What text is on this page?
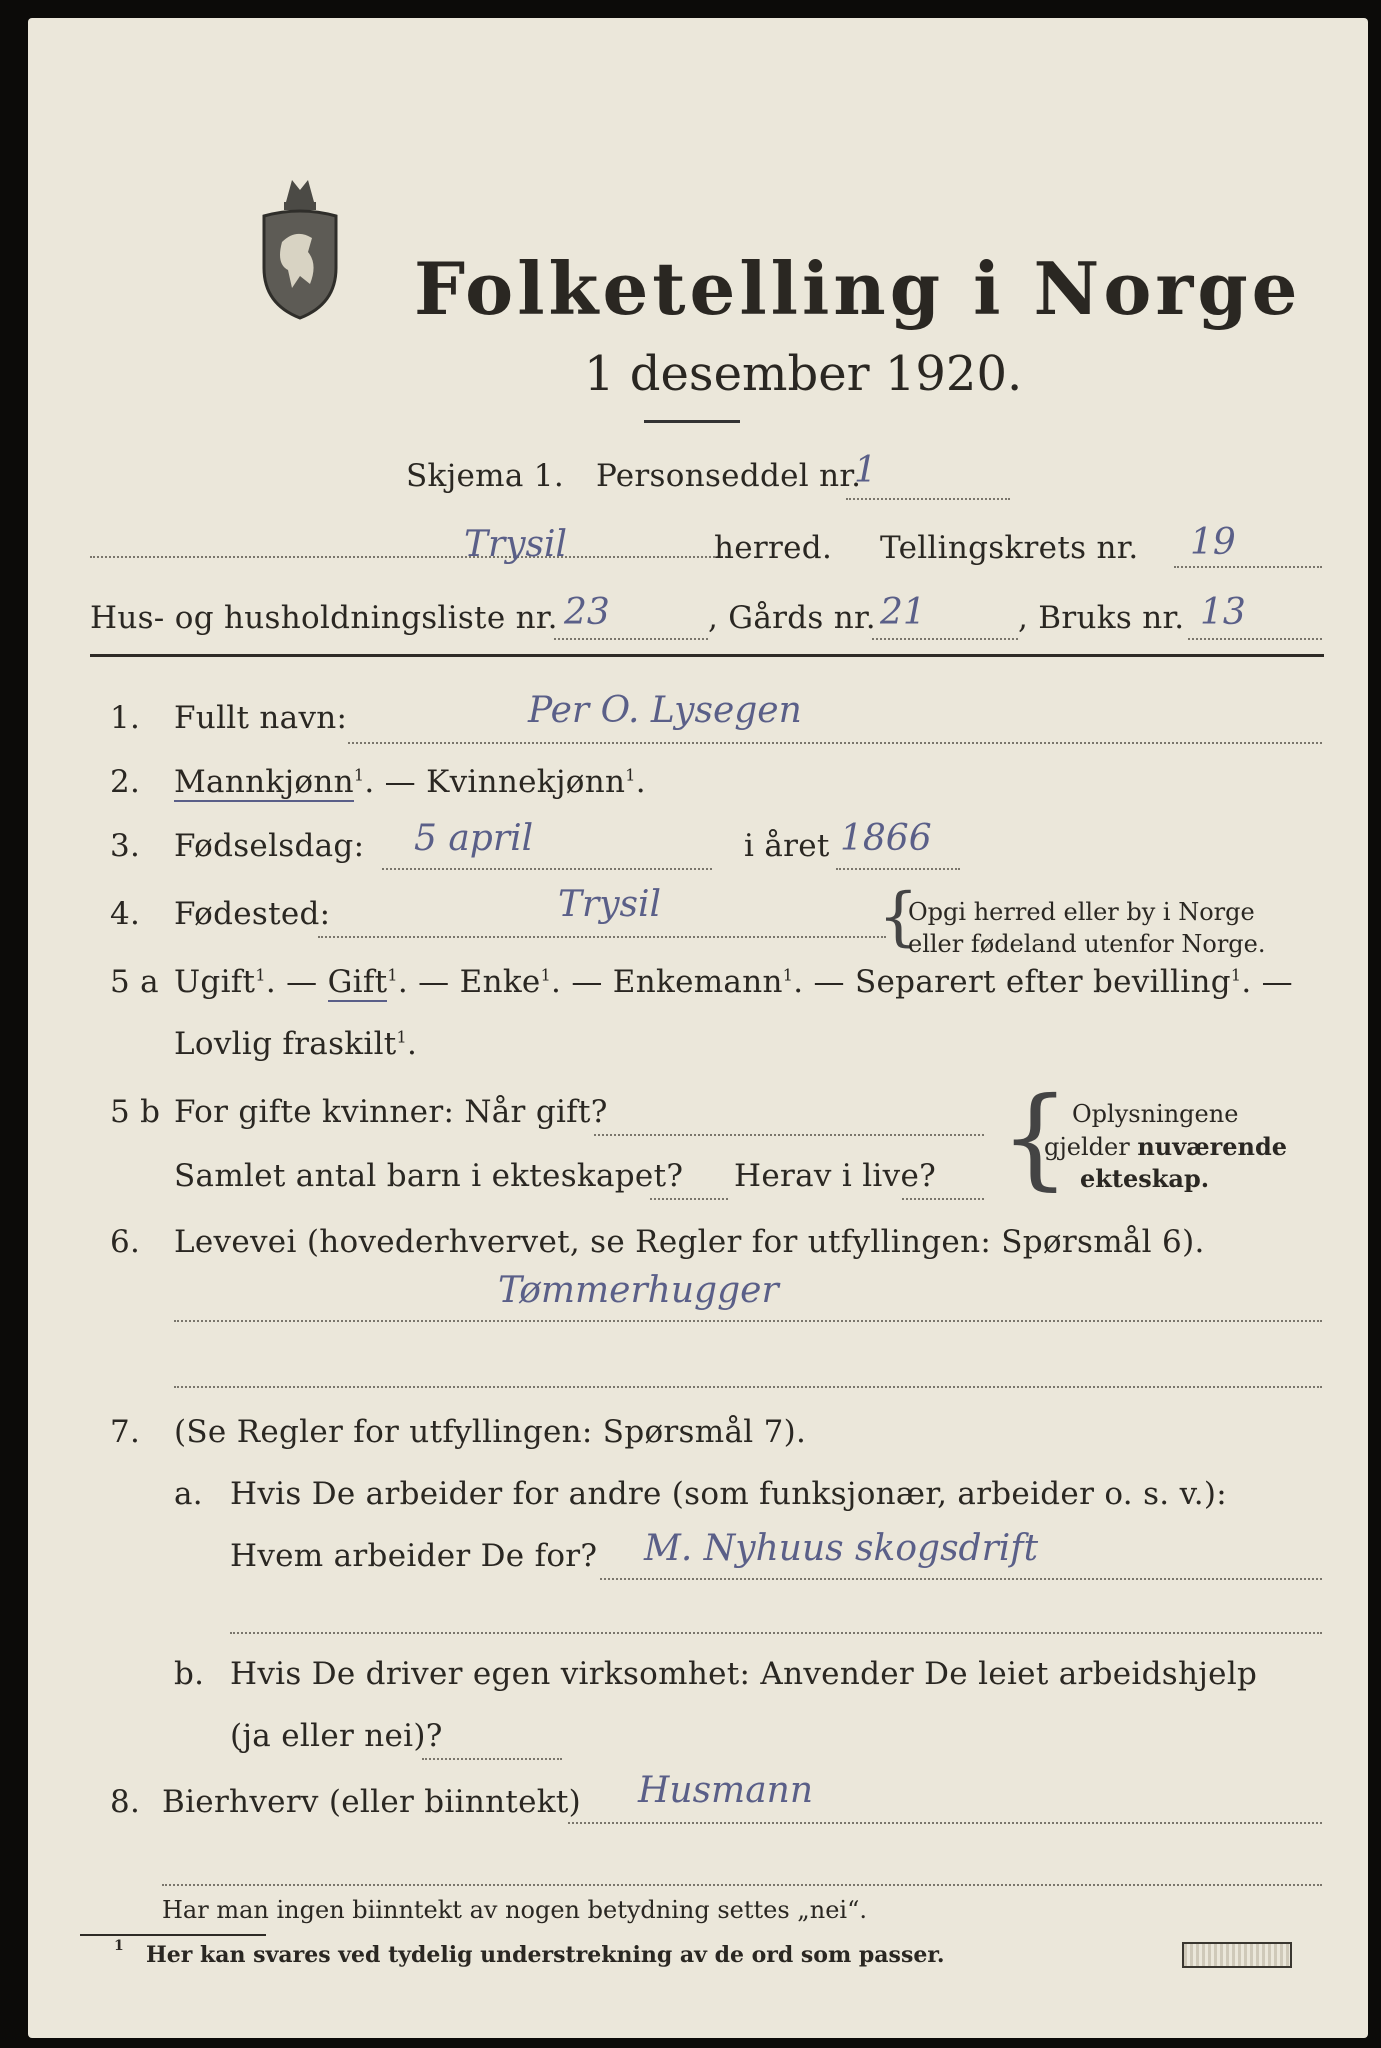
Folketelling i Norge
1 desember 1920.
Skjema 1. Personseddel nr.
1
Trysil	herred. Tellingskrets nr. 19
Hus- og husholdningsliste nr. 23	, Gårds nr. 21	, Bruks nr. 13
1. Fullt navn:	Per O. Lysegen
2. Mannkjønn$^1$. — Kvinnekjønn$^1$.
3. Fødselsdag: 5 april	i året 1866
4. Fødested:	Trysil	{
Opgi herred eller by i Norge
eller fødeland utenfor Norge.
5 a Ugift$^1$. — Gift$^1$. — Enke$^1$. — Enkemann$^1$. — Separert efter bevilling$^1$. —
Lovlig fraskilt$^1$.
5 b For gifte kvinner: Når gift?
Samlet antal barn i ekteskapet? Herav i live? { Oplysningene
gjelder nuværende
ekteskap.
6. Levevei (hovederhvervet, se Regler for utfyllingen: Spørsmål 6).
Tømmerhugger
7. (Se Regler for utfyllingen: Spørsmål 7).
a. Hvis De arbeider for andre (som funksjonær, arbeider o. s. v.):
Hvem arbeider De for? M. Nyhuus skogsdrift
b. Hvis De driver egen virksomhet: Anvender De leiet arbeidshjelp
(ja eller nei)?
8. Bierhverv (eller biinntekt) Husmann
Har man ingen biinntekt av nogen betydning settes „nei“.
1 Her kan svares ved tydelig understrekning av de ord som passer.
